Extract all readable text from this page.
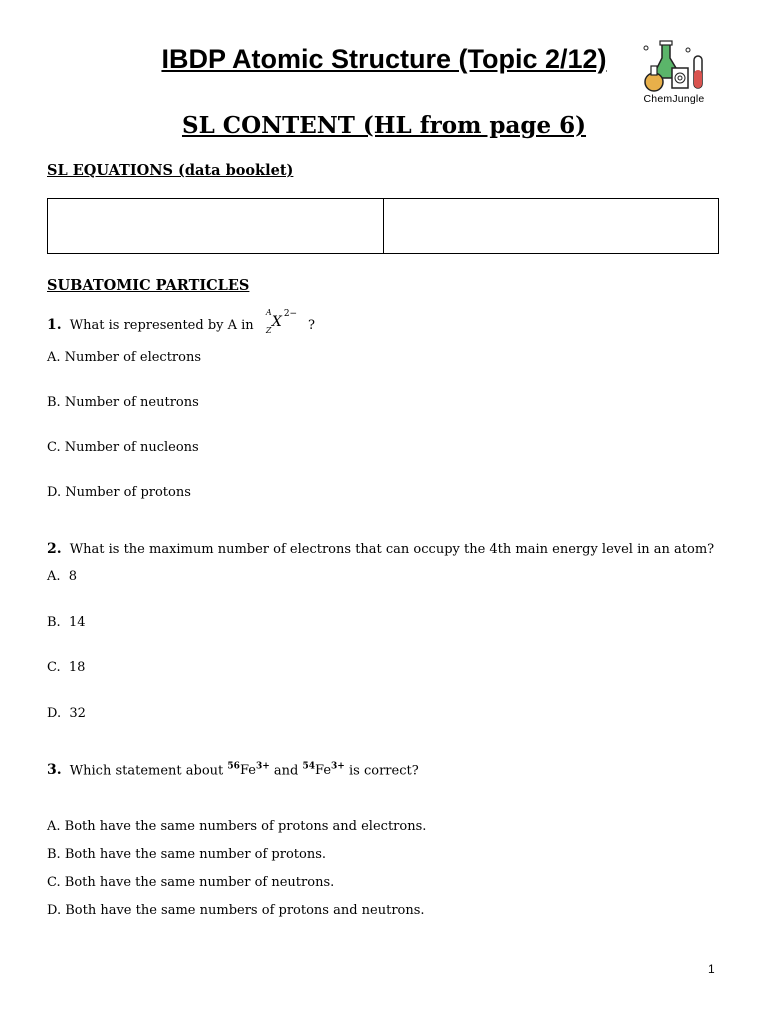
IBDP Atomic Structure (Topic 2/12)
ChemJungle
SL CONTENT (HL from page 6)
SL EQUATIONS (data booklet)

SUBATOMIC PARTICLES
1. What is represented by A in
A
Z
X 2−
?
A. Number of electrons
B. Number of neutrons
C. Number of nucleons
D. Number of protons
2. What is the maximum number of electrons that can occupy the 4th main energy level in an atom?
A. 8
B. 14
C. 18
D. 32
3. Which statement about $^{56}Fe^{3+}$ and $^{54}Fe^{3+}$ is correct?
A. Both have the same numbers of protons and electrons.
B. Both have the same number of protons.
C. Both have the same number of neutrons.
D. Both have the same numbers of protons and neutrons.
1
